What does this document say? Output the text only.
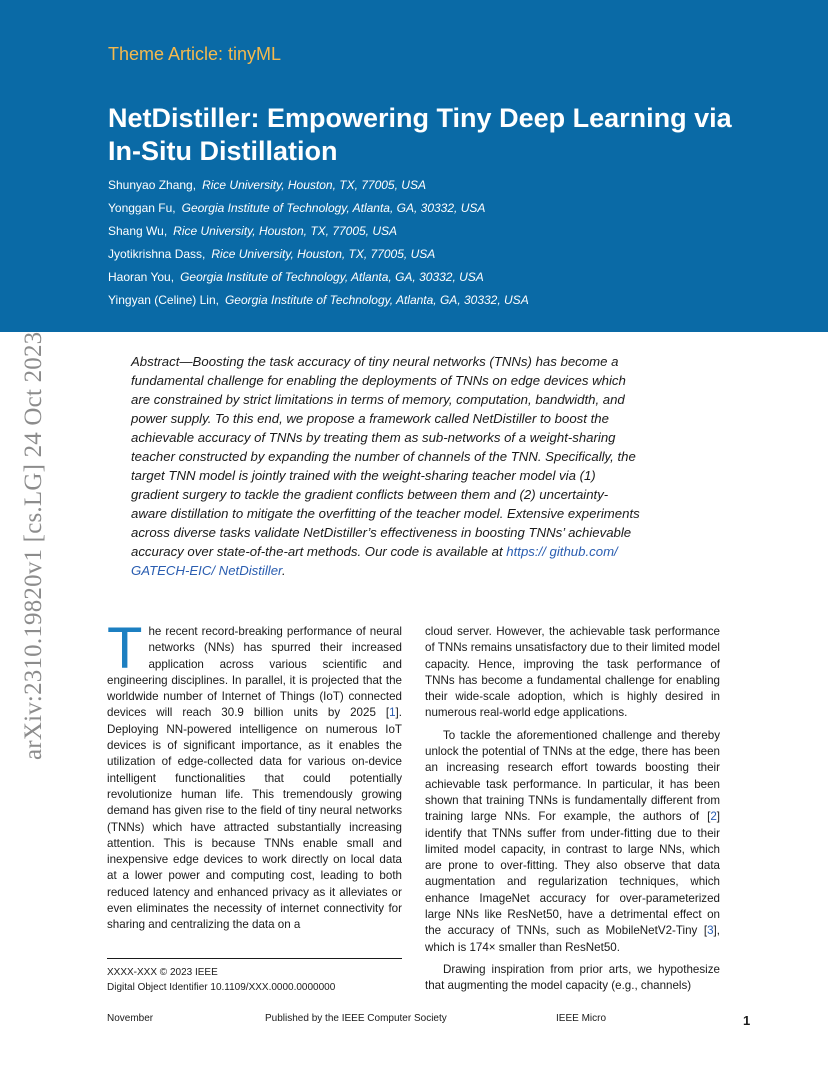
Theme Article: tinyML
NetDistiller: Empowering Tiny Deep Learning via In-Situ Distillation
Shunyao Zhang, Rice University, Houston, TX, 77005, USA
Yonggan Fu, Georgia Institute of Technology, Atlanta, GA, 30332, USA
Shang Wu, Rice University, Houston, TX, 77005, USA
Jyotikrishna Dass, Rice University, Houston, TX, 77005, USA
Haoran You, Georgia Institute of Technology, Atlanta, GA, 30332, USA
Yingyan (Celine) Lin, Georgia Institute of Technology, Atlanta, GA, 30332, USA
arXiv:2310.19820v1 [cs.LG] 24 Oct 2023	Abstract—Boosting the task accuracy of tiny neural networks (TNNs) has become a fundamental challenge for enabling the deployments of TNNs on edge devices which are constrained by strict limitations in terms of memory, computation, bandwidth, and power supply. To this end, we propose a framework called NetDistiller to boost the achievable accuracy of TNNs by treating them as sub-networks of a weight-sharing teacher constructed by expanding the number of channels of the TNN. Specifically, the target TNN model is jointly trained with the weight-sharing teacher model via (1) gradient surgery to tackle the gradient conflicts between them and (2) uncertainty-aware distillation to mitigate the overfitting of the teacher model. Extensive experiments across diverse tasks validate NetDistiller’s effectiveness in boosting TNNs’ achievable accuracy over state-of-the-art methods. Our code is available at https:// github.com/ GATECH-EIC/ NetDistiller.

The recent record-breaking performance of neural networks (NNs) has spurred their increased application across various scientific and engineering disciplines. In parallel, it is projected that the worldwide number of Internet of Things (IoT) connected devices will reach 30.9 billion units by 2025 [1]. Deploying NN-powered intelligence on numerous IoT devices is of significant importance, as it enables the utilization of edge-collected data for various on-device intelligent functionalities that could potentially revolutionize human life. This tremendously growing demand has given rise to the field of tiny neural networks (TNNs) which have attracted substantially increasing attention. This is because TNNs enable small and inexpensive edge devices to work directly on local data at a lower power and computing cost, leading to both reduced latency and enhanced privacy as it alleviates or even eliminates the necessity of internet connectivity for sharing and centralizing the data on a

cloud server. However, the achievable task performance of TNNs remains unsatisfactory due to their limited model capacity. Hence, improving the task performance of TNNs has become a fundamental challenge for enabling their wide-scale adoption, which is highly desired in numerous real-world edge applications.

To tackle the aforementioned challenge and thereby unlock the potential of TNNs at the edge, there has been an increasing research effort towards boosting their achievable task performance. In particular, it has been shown that training TNNs is fundamentally different from training large NNs. For example, the authors of [2] identify that TNNs suffer from under-fitting due to their limited model capacity, in contrast to large NNs, which are prone to over-fitting. They also observe that data augmentation and regularization techniques, which enhance ImageNet accuracy for over-parameterized large NNs like ResNet50, have a detrimental effect on the accuracy of TNNs, such as MobileNetV2-Tiny [3], which is 174× smaller than ResNet50.

Drawing inspiration from prior arts, we hypothesize that augmenting the model capacity (e.g., channels)

XXXX-XXX © 2023 IEEE
Digital Object Identifier 10.1109/XXX.0000.0000000
November	Published by the IEEE Computer Society	IEEE Micro	1
